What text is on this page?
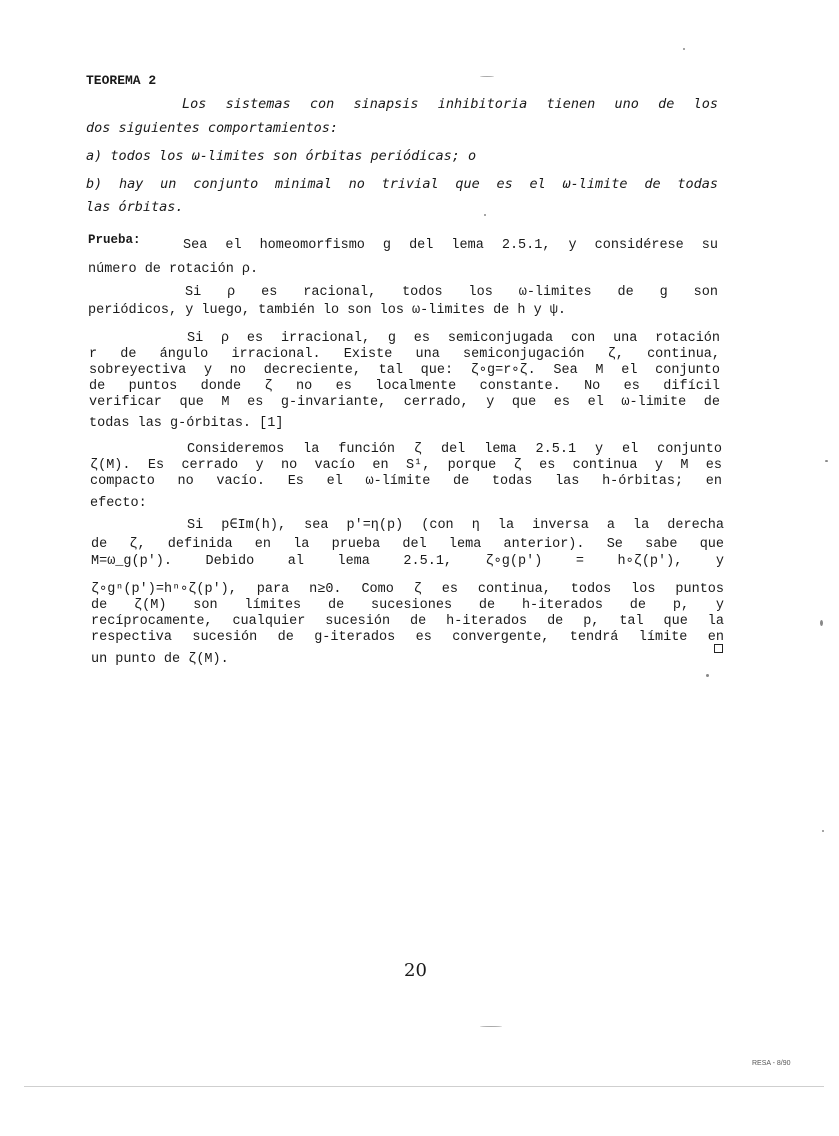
TEOREMA 2
Los sistemas con sinapsis inhibitoria tienen uno de los
dos siguientes comportamientos:
a) todos los ω-limites son órbitas periódicas; o
b) hay un conjunto minimal no trivial que es el ω-limite de todas
las órbitas.
Prueba:	Sea el homeomorfismo g del lema 2.5.1, y considérese su
número de rotación ρ.
Si ρ es racional, todos los ω-limites de g son
periódicos, y luego, también lo son los ω-limites de h y ψ.
Si ρ es irracional, g es semiconjugada con una rotación
r de ángulo irracional. Existe una semiconjugación ζ, continua,
sobreyectiva y no decreciente, tal que: ζ∘g=r∘ζ. Sea M el conjunto
de puntos donde ζ no es localmente constante. No es difícil
verificar que M es g-invariante, cerrado, y que es el ω-limite de
todas las g-órbitas. [1]
Consideremos la función ζ del lema 2.5.1 y el conjunto
ζ(M). Es cerrado y no vacío en S¹, porque ζ es continua y M es
compacto no vacío. Es el ω-límite de todas las h-órbitas; en
efecto:
Si p∈Im(h), sea p'=η(p) (con η la inversa a la derecha
de ζ, definida en la prueba del lema anterior). Se sabe que
M=ω_g(p'). Debido al lema 2.5.1, ζ∘g(p') = h∘ζ(p'), y
ζ∘gⁿ(p')=hⁿ∘ζ(p'), para n≥0. Como ζ es continua, todos los puntos
de ζ(M) son límites de sucesiones de h-iterados de p, y
recíprocamente, cualquier sucesión de h-iterados de p, tal que la
respectiva sucesión de g-iterados es convergente, tendrá límite en
un punto de ζ(M).
20
RESA - 8/90
